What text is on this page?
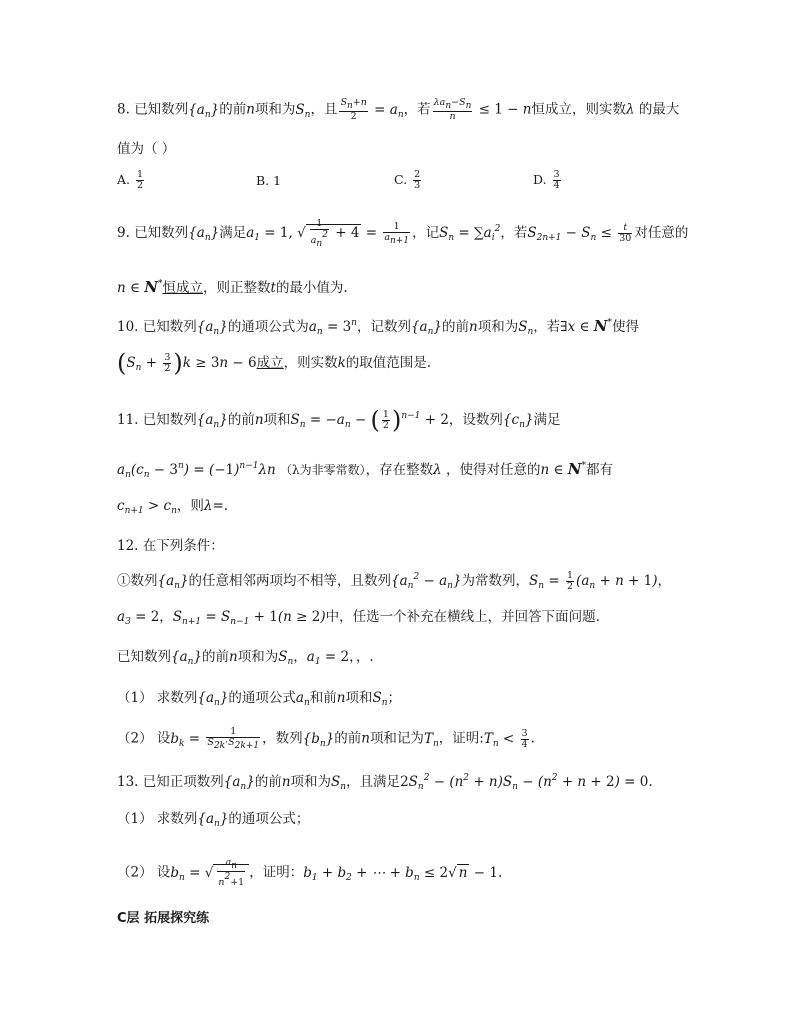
8. 已知数列$\{a_n\}$的前n项和为$S_n$，且 $\frac{Sn+n}{2} = a_n$，若 $\frac{\text{λan−Sn}}{n} \le 1 - n$恒成立，则实数λ 的最大
值为（ ）
A. $\frac{1}{2}$	B. 1	C. $\frac{2}{3}$	D. $\frac{3}{4}$
9. 已知数列$\{a_n\}$满足$a_1 = 1$, √ $\frac{1}{an2} + 4 = \frac{1}{an+1}$ ，记$S_n = \sum a_i^2$，若$S_{2n+1} - S_n \le \frac{t}{30}$ 对任意的
n ∈ N*恒成立，则正整数t的最小值为.
10. 已知数列$\{a_n\}$的通项公式为$a_n = 3^n$，记数列$\{a_n\}$的前n项和为$S_n$，若∃x ∈ N*使得
$(S_n + \frac{3}{2} )k \ge 3n - 6$成立，则实数k的取值范围是.
11. 已知数列$\{a_n\}$的前n项和$S_n = -a_n$ − ( $\frac{1}{2} )^{n-1} + 2$，设数列$\{c_n\}$满足
$a_n(c_n - 3^n) = (-1)^{n-1}\lambda n$ （λ为非零常数），存在整数λ ，使得对任意的n ∈ N*都有
$c_{n+1} > c_n$，则λ=.
12. 在下列条件：
①数列$\{a_n\}$的任意相邻两项均不相等，且数列$\{a_n^2 - a_n\}$为常数列，$S_n = \frac{1}{2} (a_n + n + 1)$，
$a_3 = 2$，$S_{n+1} = S_{n-1} + 1(n \ge 2)$中，任选一个补充在横线上，并回答下面问题.
已知数列$\{a_n\}$的前n项和为$S_n$，$a_1 = 2$，，.
（1） 求数列$\{a_n\}$的通项公式$a_n$和前n项和$S_n$；
（2） 设$b_k = \frac{1}{S2k\cdot S2k+1}$ ，数列$\{b_n\}$的前n项和记为$T_n$，证明$:T_n < \frac{3}{4}$ .
13. 已知正项数列$\{a_n\}$的前n项和为$S_n$，且满足$2S_n^2 - (n^2 + n)S_n - (n^2 + n + 2) = 0$.
（1） 求数列$\{a_n\}$的通项公式；
（2） 设$b_n$ = √ $\frac{an}{n2+1}$ ，证明：$b_1 + b_2$ + ⋯ + $b_n \le 2√$ n − 1.
C层 拓展探究练
